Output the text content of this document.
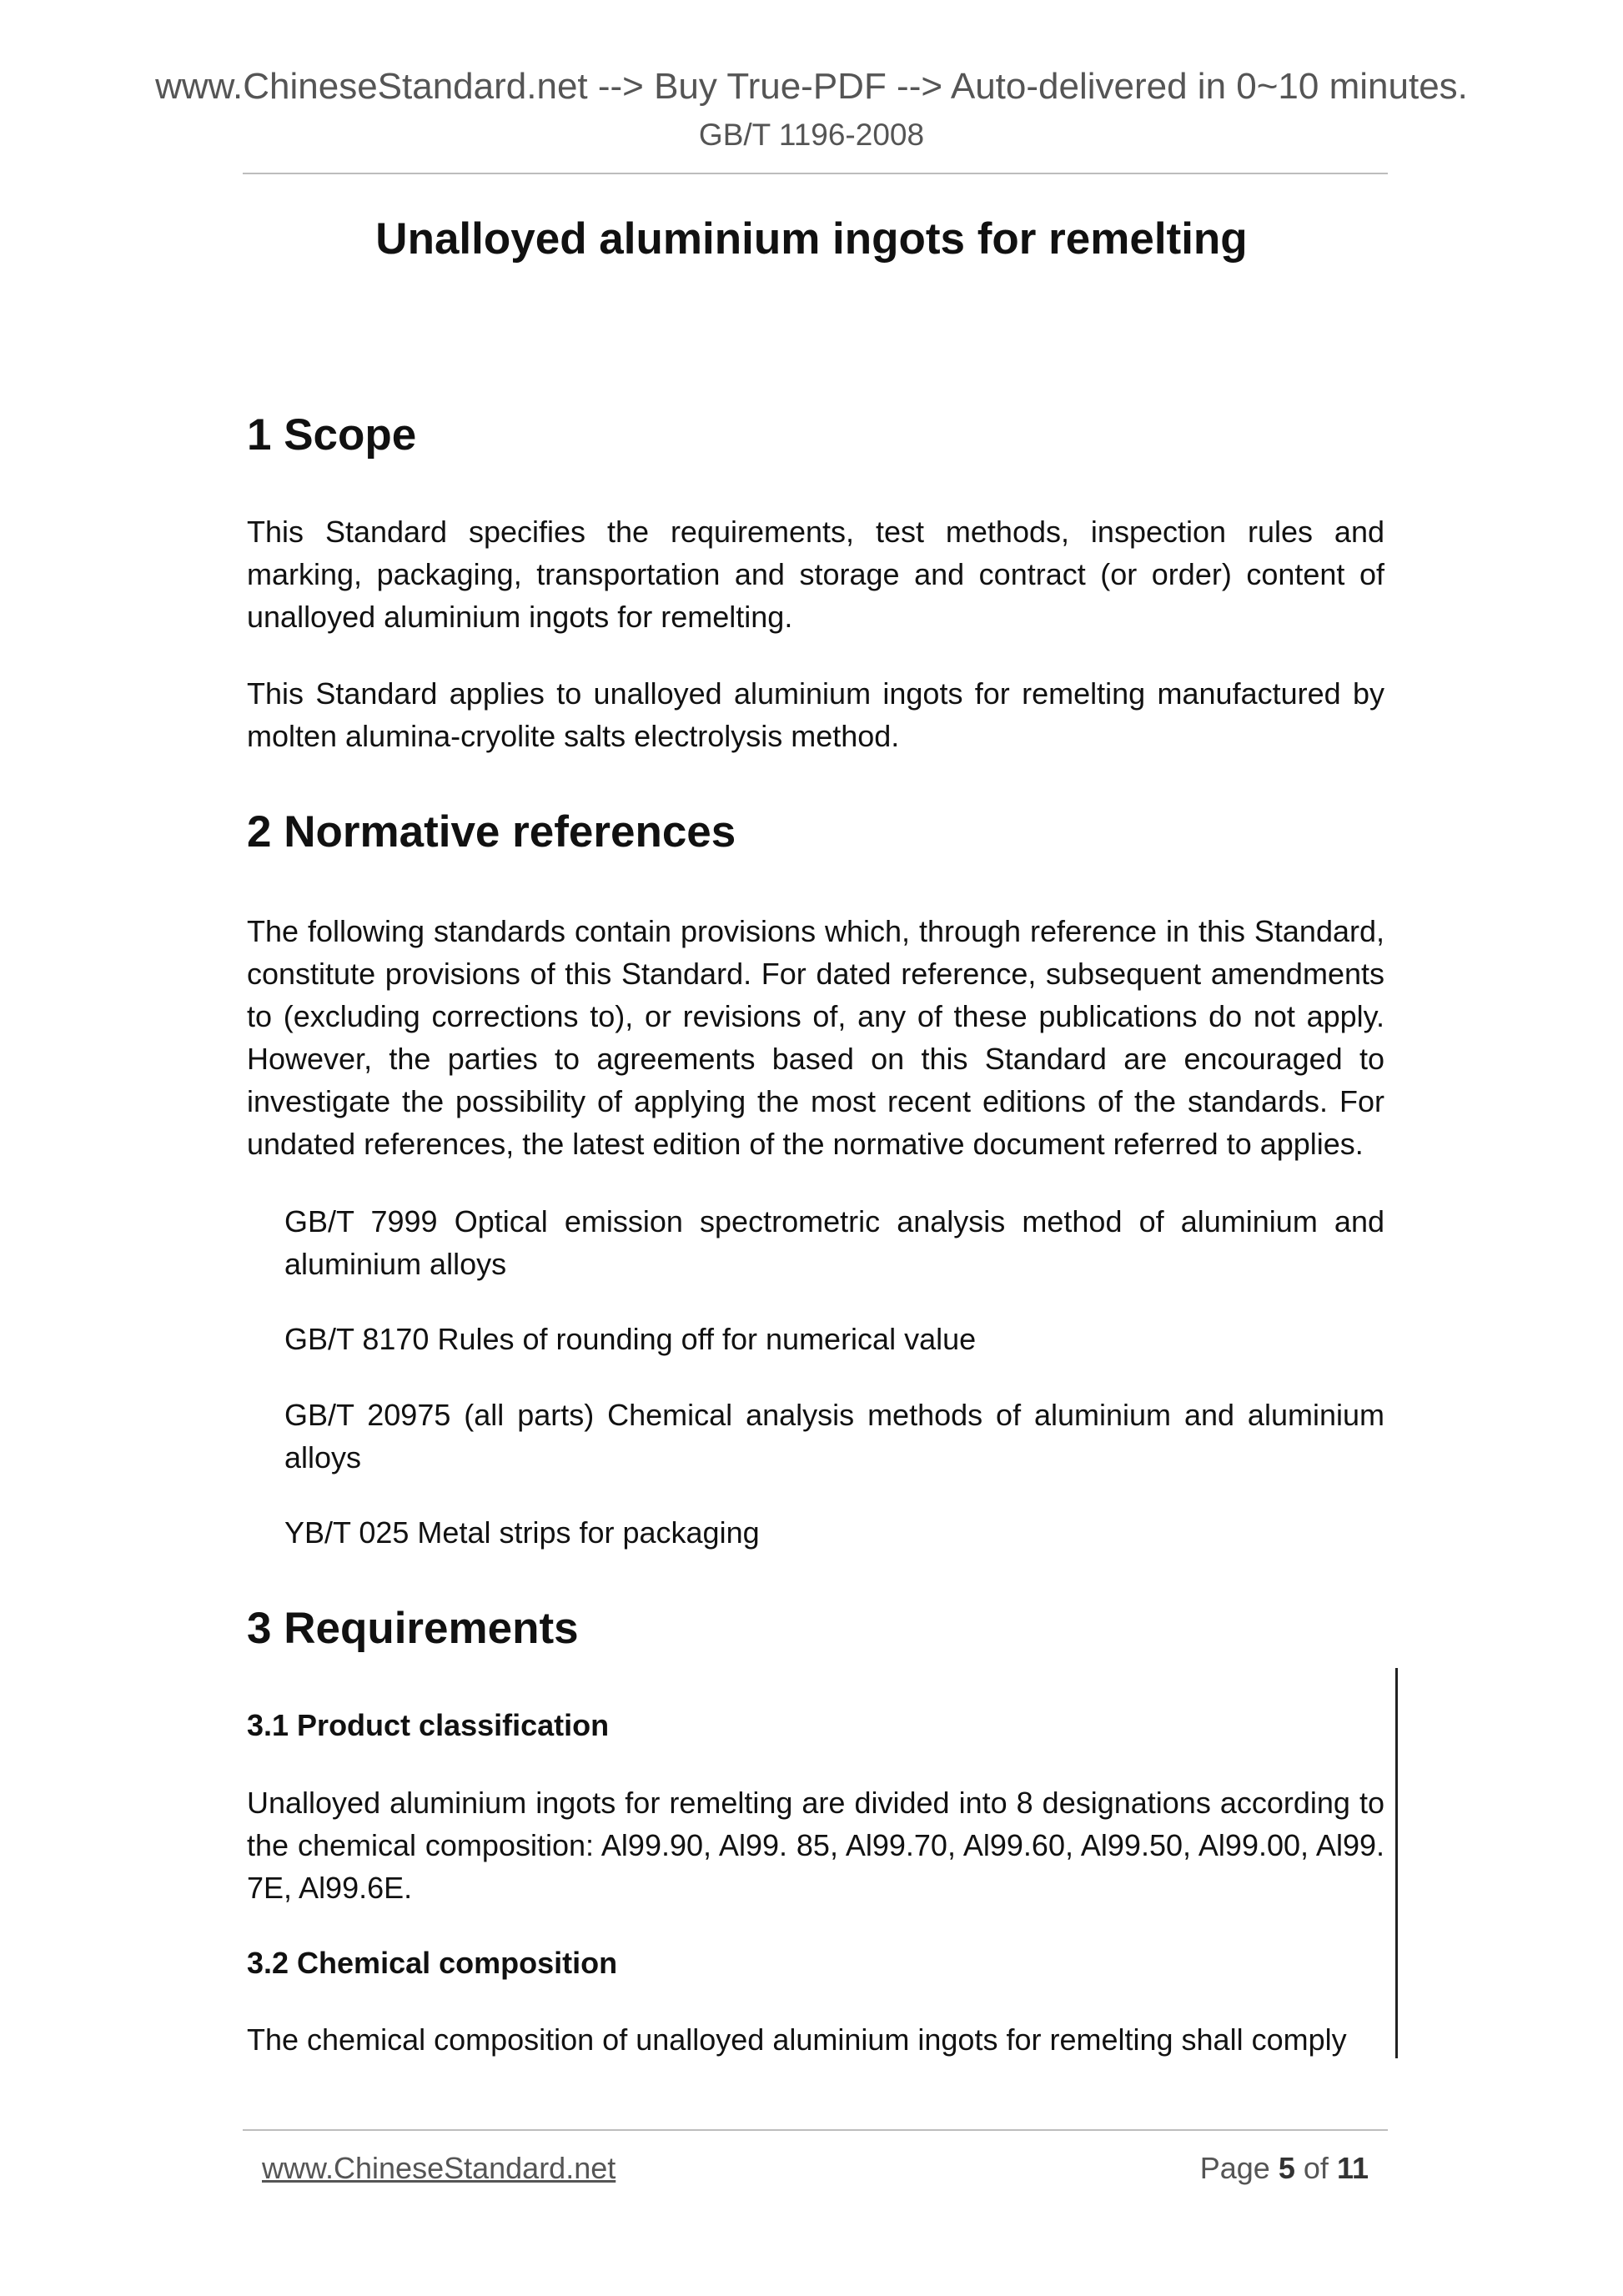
www.ChineseStandard.net --> Buy True-PDF --> Auto-delivered in 0~10 minutes.
GB/T 1196-2008
Unalloyed aluminium ingots for remelting
1 Scope
This Standard specifies the requirements, test methods, inspection rules and marking, packaging, transportation and storage and contract (or order) content of unalloyed aluminium ingots for remelting.
This Standard applies to unalloyed aluminium ingots for remelting manufactured by molten alumina-cryolite salts electrolysis method.
2 Normative references
The following standards contain provisions which, through reference in this Standard, constitute provisions of this Standard. For dated reference, subsequent amendments to (excluding corrections to), or revisions of, any of these publications do not apply. However, the parties to agreements based on this Standard are encouraged to investigate the possibility of applying the most recent editions of the standards. For undated references, the latest edition of the normative document referred to applies.
GB/T 7999 Optical emission spectrometric analysis method of aluminium and aluminium alloys
GB/T 8170 Rules of rounding off for numerical value
GB/T 20975 (all parts) Chemical analysis methods of aluminium and aluminium alloys
YB/T 025 Metal strips for packaging
3 Requirements
3.1 Product classification
Unalloyed aluminium ingots for remelting are divided into 8 designations according to the chemical composition: Al99.90, Al99. 85, Al99.70, Al99.60, Al99.50, Al99.00, Al99. 7E, Al99.6E.
3.2 Chemical composition
The chemical composition of unalloyed aluminium ingots for remelting shall comply
www.ChineseStandard.net	Page 5 of 11
